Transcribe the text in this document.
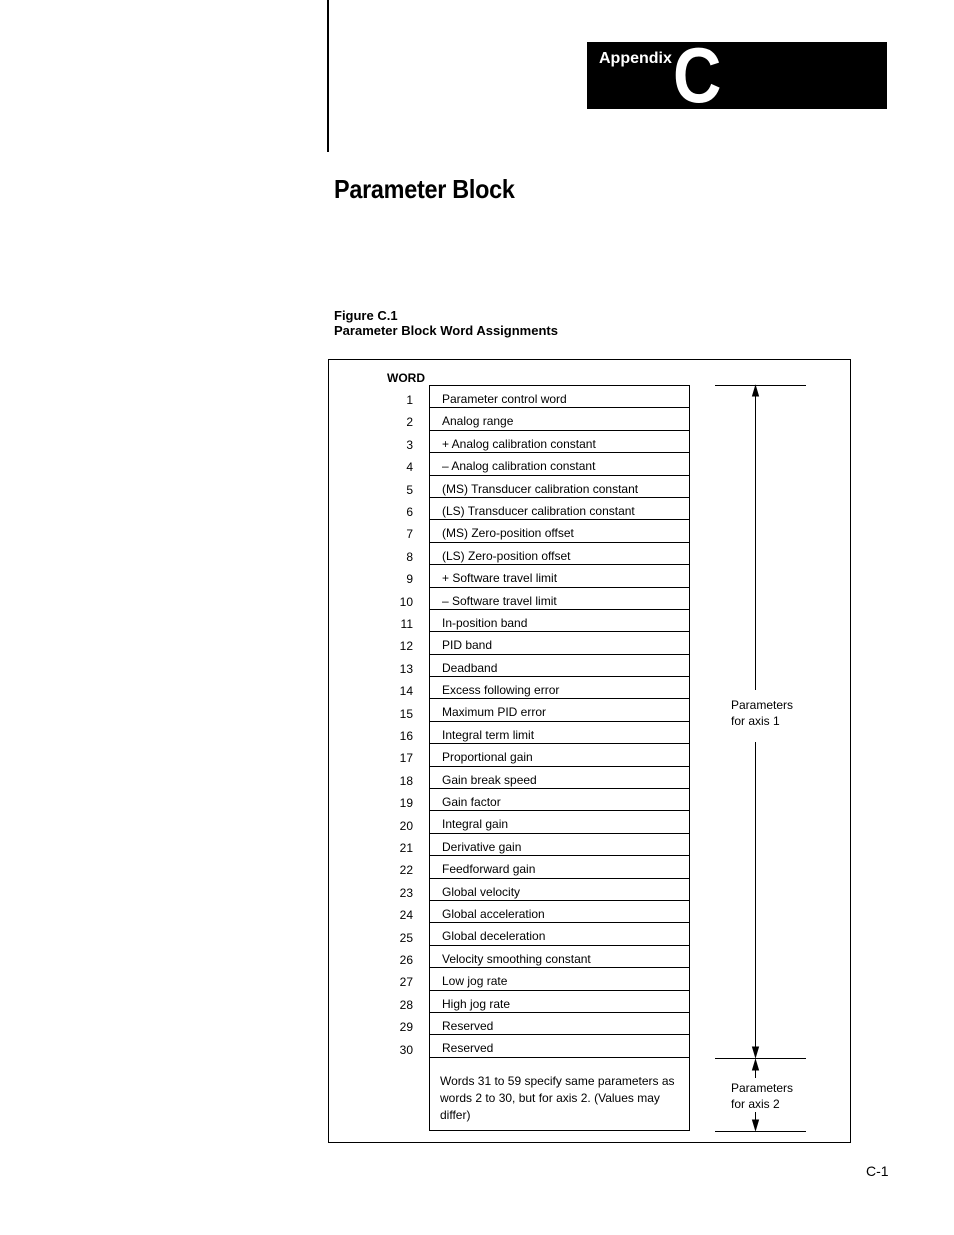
Appendix C
Parameter Block
Figure C.1
Parameter Block Word Assignments
WORD
1
2
3
4
5
6
7
8
9
10
11
12
13
14
15
16
17
18
19
20
21
22
23
24
25
26
27
28
29
30
Parameter control word
Analog range
+ Analog calibration constant
– Analog calibration constant
(MS) Transducer calibration constant
(LS) Transducer calibration constant
(MS) Zero-position offset
(LS) Zero-position offset
+ Software travel limit
– Software travel limit
In-position band
PID band
Deadband
Excess following error
Maximum PID error
Integral term limit
Proportional gain
Gain break speed
Gain factor
Integral gain
Derivative gain
Feedforward gain
Global velocity
Global acceleration
Global deceleration
Velocity smoothing constant
Low jog rate
High jog rate
Reserved
Reserved
Words 31 to 59 specify same parameters as
words 2 to 30, but for axis 2. (Values may differ)
Parameters
for axis 1
Parameters
for axis 2
C-1
